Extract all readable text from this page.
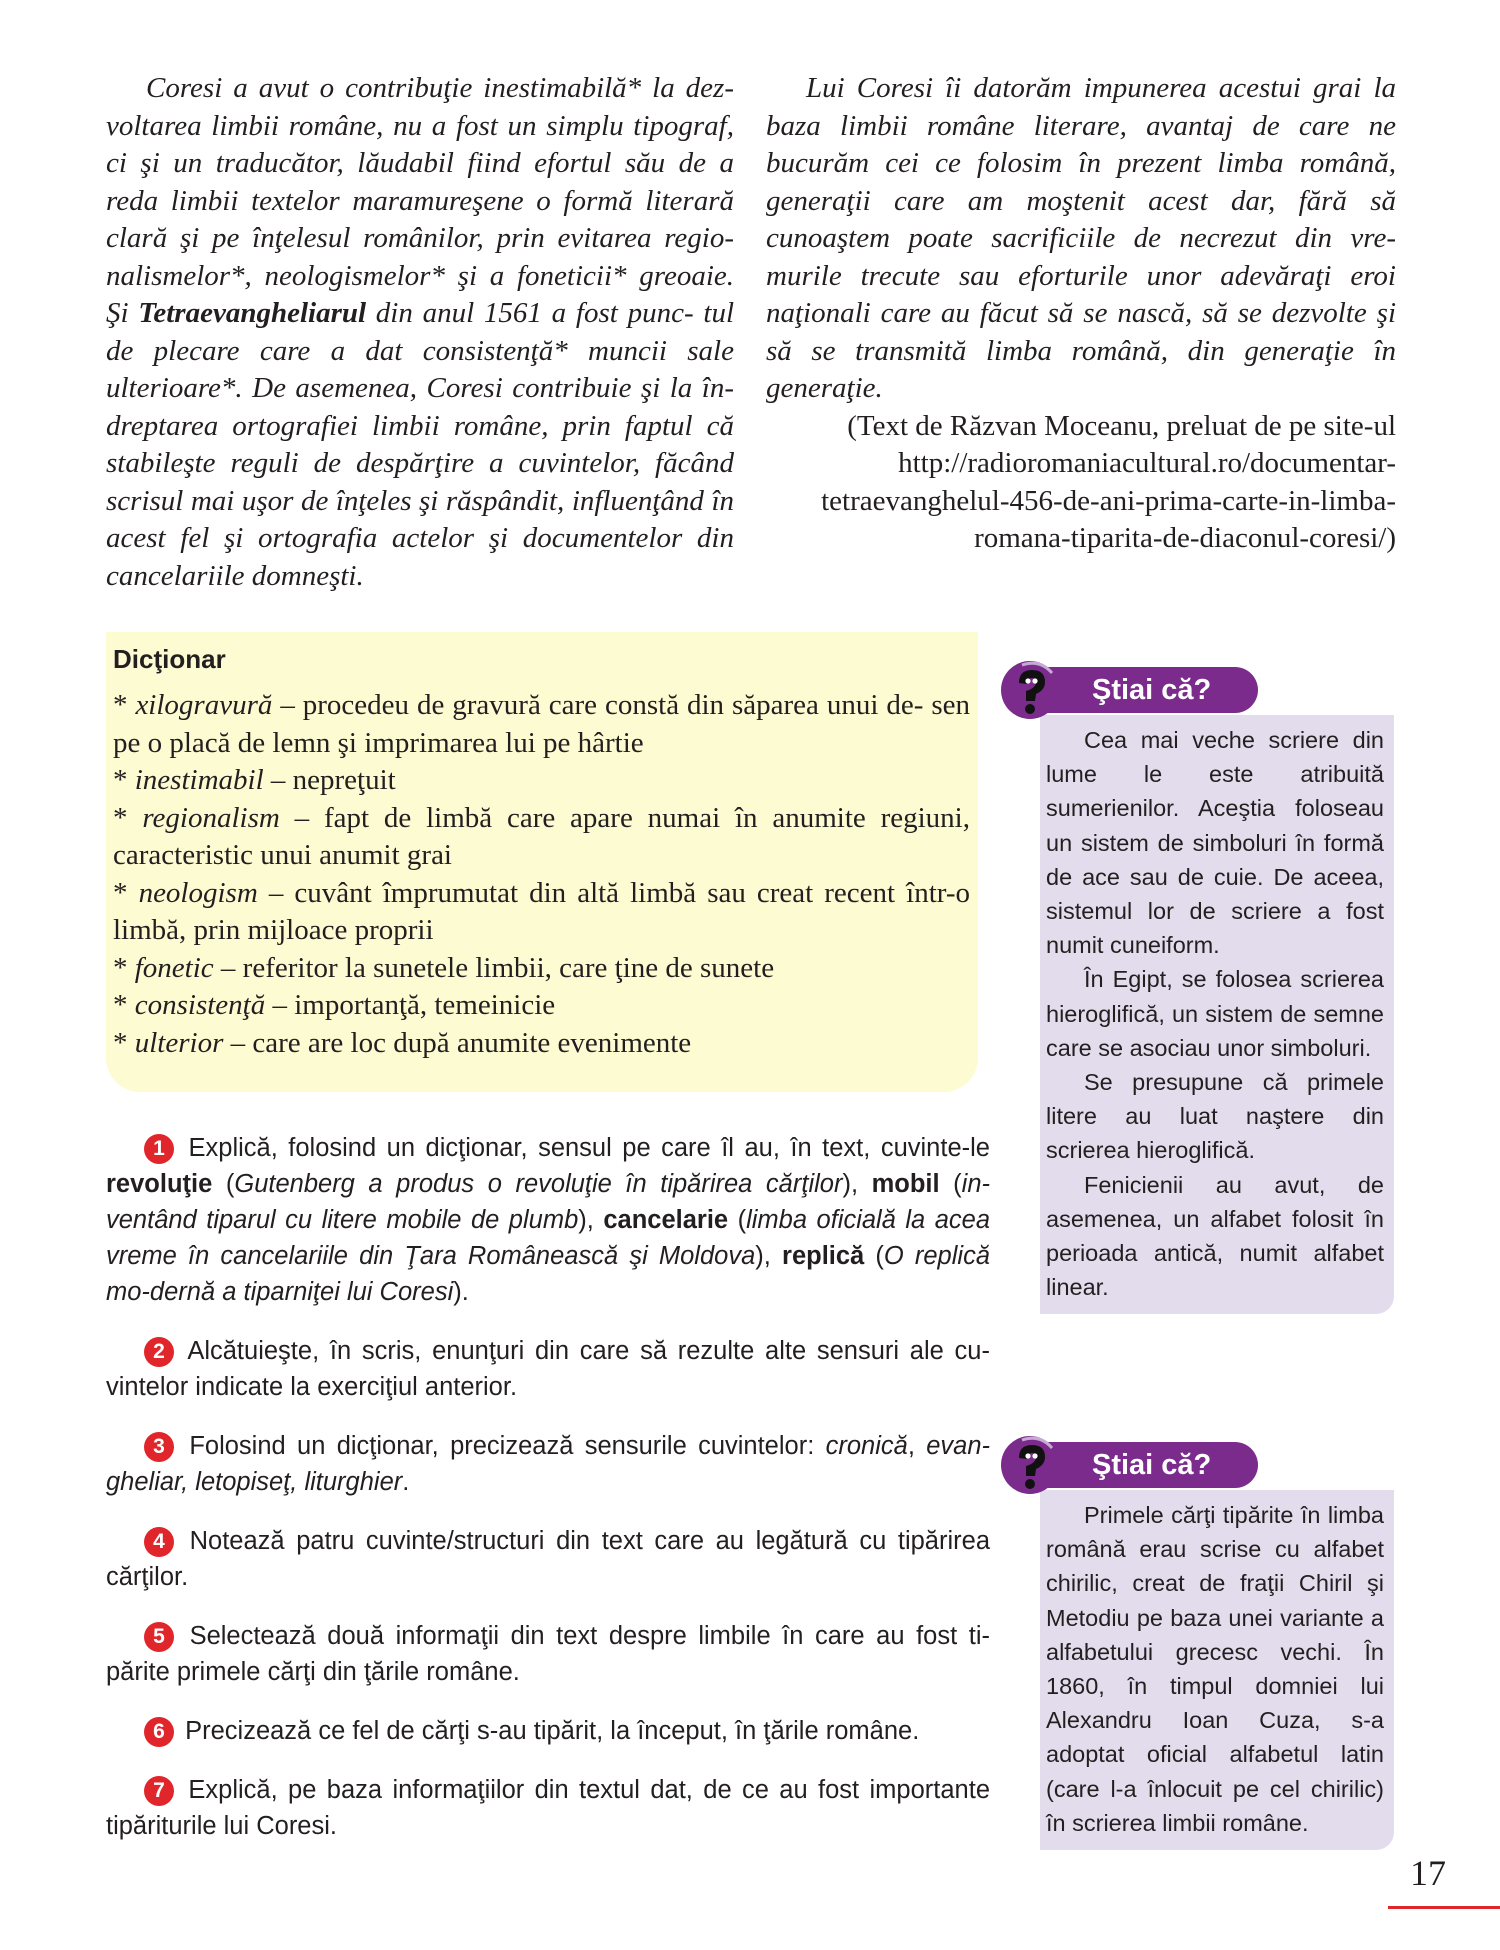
Coresi a avut o contribuţie inestimabilă* la dez- voltarea limbii române, nu a fost un simplu tipograf, ci şi un traducător, lăudabil fiind efortul său de a reda limbii textelor maramureşene o formă literară clară şi pe înţelesul românilor, prin evitarea regio- nalismelor*, neologismelor* şi a foneticii* greoaie. Şi Tetraevangheliarul din anul 1561 a fost punc- tul de plecare care a dat consistenţă* muncii sale ulterioare*. De asemenea, Coresi contribuie şi la în- dreptarea ortografiei limbii române, prin faptul că stabileşte reguli de despărţire a cuvintelor, făcând scrisul mai uşor de înţeles şi răspândit, influenţând în acest fel şi ortografia actelor şi documentelor din cancelariile domneşti.

Lui Coresi îi datorăm impunerea acestui grai la baza limbii române literare, avantaj de care ne bucurăm cei ce folosim în prezent limba română, generaţii care am moştenit acest dar, fără să cunoaştem poate sacrificiile de necrezut din vre- murile trecute sau eforturile unor adevăraţi eroi naţionali care au făcut să se nască, să se dezvolte şi să se transmită limba română, din generaţie în generaţie.

(Text de Răzvan Moceanu, preluat de pe site-ul
http://radioromaniacultural.ro/documentar-
tetraevanghelul-456-de-ani-prima-carte-in-limba-
romana-tiparita-de-diaconul-coresi/)
Dicţionar
* xilogravură – procedeu de gravură care constă din săparea unui de- sen pe o placă de lemn şi imprimarea lui pe hârtie
* inestimabil – nepreţuit
* regionalism – fapt de limbă care apare numai în anumite regiuni, caracteristic unui anumit grai
* neologism – cuvânt împrumutat din altă limbă sau creat recent într-o limbă, prin mijloace proprii
* fonetic – referitor la sunetele limbii, care ţine de sunete
* consistenţă – importanţă, temeinicie
* ulterior – care are loc după anumite evenimente

1 Explică, folosind un dicţionar, sensul pe care îl au, în text, cuvinte-le revoluţie (Gutenberg a produs o revoluţie în tipărirea cărţilor), mobil (in-ventând tiparul cu litere mobile de plumb), cancelarie (limba oficială la acea vreme în cancelariile din Ţara Românească şi Moldova), replică (O replică mo-dernă a tiparniţei lui Coresi).

2 Alcătuieşte, în scris, enunţuri din care să rezulte alte sensuri ale cu-vintelor indicate la exerciţiul anterior.

3 Folosind un dicţionar, precizează sensurile cuvintelor: cronică, evan-gheliar, letopiseţ, liturghier.

4 Notează patru cuvinte/structuri din text care au legătură cu tipărirea cărţilor.

5 Selectează două informaţii din text despre limbile în care au fost ti-părite primele cărţi din ţările române.

6 Precizează ce fel de cărţi s-au tipărit, la început, în ţările române.

7 Explică, pe baza informaţiilor din textul dat, de ce au fost importante tipăriturile lui Coresi.

Ştiai că?

Cea mai veche scriere din lume le este atribuită sumerienilor. Aceştia foloseau un sistem de simboluri în formă de ace sau de cuie. De aceea, sistemul lor de scriere a fost numit cuneiform.

În Egipt, se folosea scrierea hieroglifică, un sistem de semne care se asociau unor simboluri.

Se presupune că primele litere au luat naştere din scrierea hieroglifică.

Fenicienii au avut, de asemenea, un alfabet folosit în perioada antică, numit alfabet linear.

Ştiai că?

Primele cărţi tipărite în limba română erau scrise cu alfabet chirilic, creat de fraţii Chiril şi Metodiu pe baza unei variante a alfabetului grecesc vechi. În 1860, în timpul domniei lui Alexandru Ioan Cuza, s-a adoptat oficial alfabetul latin (care l-a înlocuit pe cel chirilic) în scrierea limbii române.

17
